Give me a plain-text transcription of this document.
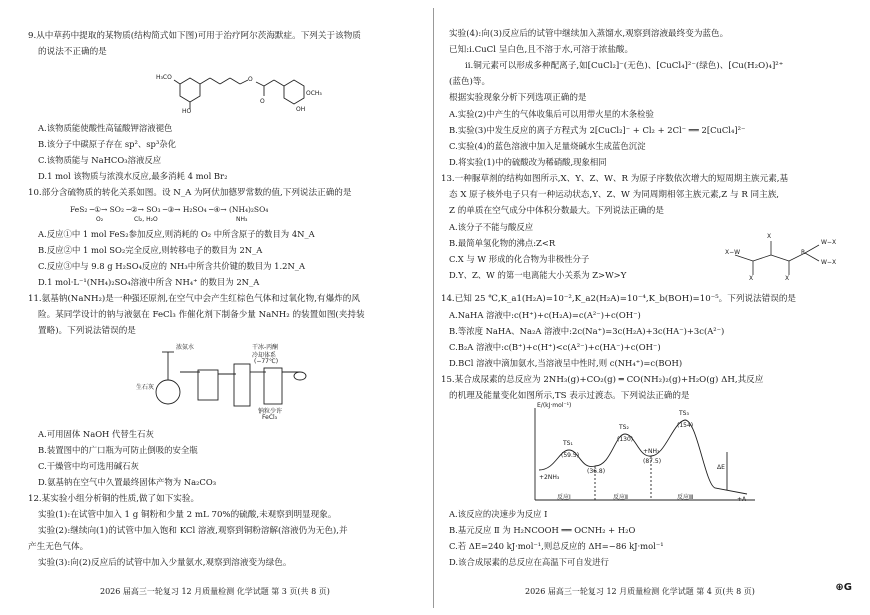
9.从中草药中提取的某物质(结构简式如下图)可用于治疗阿尔茨海默症。下列关于该物质
的说法不正确的是
H₃CO
HO
O
O
OCH₃
OH
A.该物质能使酸性高锰酸钾溶液褪色
B.该分子中碳原子存在 sp²、sp³杂化
C.该物质能与 NaHCO₃溶液反应
D.1 mol 该物质与浓溴水反应,最多消耗 4 mol Br₂
10.部分含硫物质的转化关系如图。设 N_A 为阿伏加德罗常数的值,下列说法正确的是
FeS₂ ─①→ SO₂ ─②→ SO₃ ─③→ H₂SO₄ ─④→ (NH₄)₂SO₄
O₂	Cl₂, H₂O	NH₃
A.反应①中 1 mol FeS₂参加反应,则消耗的 O₂ 中所含原子的数目为 4N_A
B.反应②中 1 mol SO₂完全反应,则转移电子的数目为 2N_A
C.反应③中与 9.8 g H₂SO₄反应的 NH₃中所含共价键的数目为 1.2N_A
D.1 mol·L⁻¹(NH₄)₂SO₄溶液中所含 NH₄⁺ 的数目为 2N_A
11.氨基钠(NaNH₂)是一种强还原剂,在空气中会产生红棕色气体和过氧化物,有爆炸的风
险。某同学设计的钠与液氨在 FeCl₃ 作催化剂下制备少量 NaNH₂ 的装置如图(夹持装
置略)。下列说法错误的是
浓氨水
生石灰
干冰-丙酮
冷却体系
(−77℃)
钠粒少许
FeCl₃
A.可用固体 NaOH 代替生石灰
B.装置图中的广口瓶为可防止倒吸的安全瓶
C.干燥管中均可选用碱石灰
D.氨基钠在空气中久置最终固体产物为 Na₂CO₃
12.某实验小组分析铜的性质,做了如下实验。
实验(1):在试管中加入 1 g 铜粉和少量 2 mL 70%的硫酸,未观察到明显现象。
实验(2):继续向(1)的试管中加入饱和 KCl 溶液,观察到铜粉溶解(溶液仍为无色),并
产生无色气体。
实验(3):向(2)反应后的试管中加入少量氨水,观察到溶液变为绿色。
2026 届高三一轮复习 12 月质量检测 化学试题 第 3 页(共 8 页)
实验(4):向(3)反应后的试管中继续加入蒸馏水,观察到溶液最终变为蓝色。
已知:i.CuCl 呈白色,且不溶于水,可溶于浓盐酸。
ⅱ.铜元素可以形成多种配离子,如[CuCl₂]⁻(无色)、[CuCl₄]²⁻(绿色)、[Cu(H₂O)₄]²⁺
(蓝色)等。
根据实验现象分析下列选项正确的是
A.实验(2)中产生的气体收集后可以用带火星的木条检验
B.实验(3)中发生反应的离子方程式为 2[CuCl₂]⁻ + Cl₂ + 2Cl⁻ ══ 2[CuCl₄]²⁻
C.实验(4)的蓝色溶液中加入足量烧碱水生成蓝色沉淀
D.将实验(1)中的硫酸改为稀硝酸,现象相同
13.一种脲草剂的结构如图所示,X、Y、Z、W、R 为原子序数依次增大的短周期主族元素,基
态 X 原子核外电子只有一种运动状态,Y、Z、W 为同周期相邻主族元素,Z 与 R 同主族,
Z 的单质在空气成分中体积分数最大。下列说法正确的是
A.该分子不能与酸反应
B.最简单氢化物的沸点:Z<R
C.X 与 W 形成的化合物为非极性分子
D.Y、Z、W 的第一电离能大小关系为 Z>W>Y
X−W
X
R
W−X
W−X
X	X
14.已知 25 ℃,K_a1(H₂A)=10⁻²,K_a2(H₂A)=10⁻⁴,K_b(BOH)=10⁻⁵。下列说法错误的是
A.NaHA 溶液中:c(H⁺)+c(H₂A)=c(A²⁻)+c(OH⁻)
B.等浓度 NaHA、Na₂A 溶液中:2c(Na⁺)=3c(H₂A)+3c(HA⁻)+3c(A²⁻)
C.B₂A 溶液中:c(B⁺)+c(H⁺)<c(A²⁻)+c(HA⁻)+c(OH⁻)
D.BCl 溶液中滴加氨水,当溶液呈中性时,则 c(NH₄⁺)=c(BOH)
15.某合成尿素的总反应为 2NH₃(g)+CO₂(g) ═ CO(NH₂)₂(g)+H₂O(g) ΔH,其反应
的机理及能量变化如图所示,TS 表示过渡态。下列说法正确的是
E/(kJ·mol⁻¹)
+2NH₃
TS₁
TS₂
TS₃
(59.5)
(36.8)
(130)
(87.5)
(154)
+NH₃
反应Ⅰ	反应Ⅱ	反应Ⅲ
ΔE
+A
A.该反应的决速步为反应 Ⅰ
B.基元反应 Ⅱ 为 H₂NCOOH ══ OCNH₂ + H₂O
C.若 ΔE=240 kJ·mol⁻¹,则总反应的 ΔH=−86 kJ·mol⁻¹
D.该合成尿素的总反应在高温下可自发进行
2026 届高三一轮复习 12 月质量检测 化学试题 第 4 页(共 8 页)	⊕G
